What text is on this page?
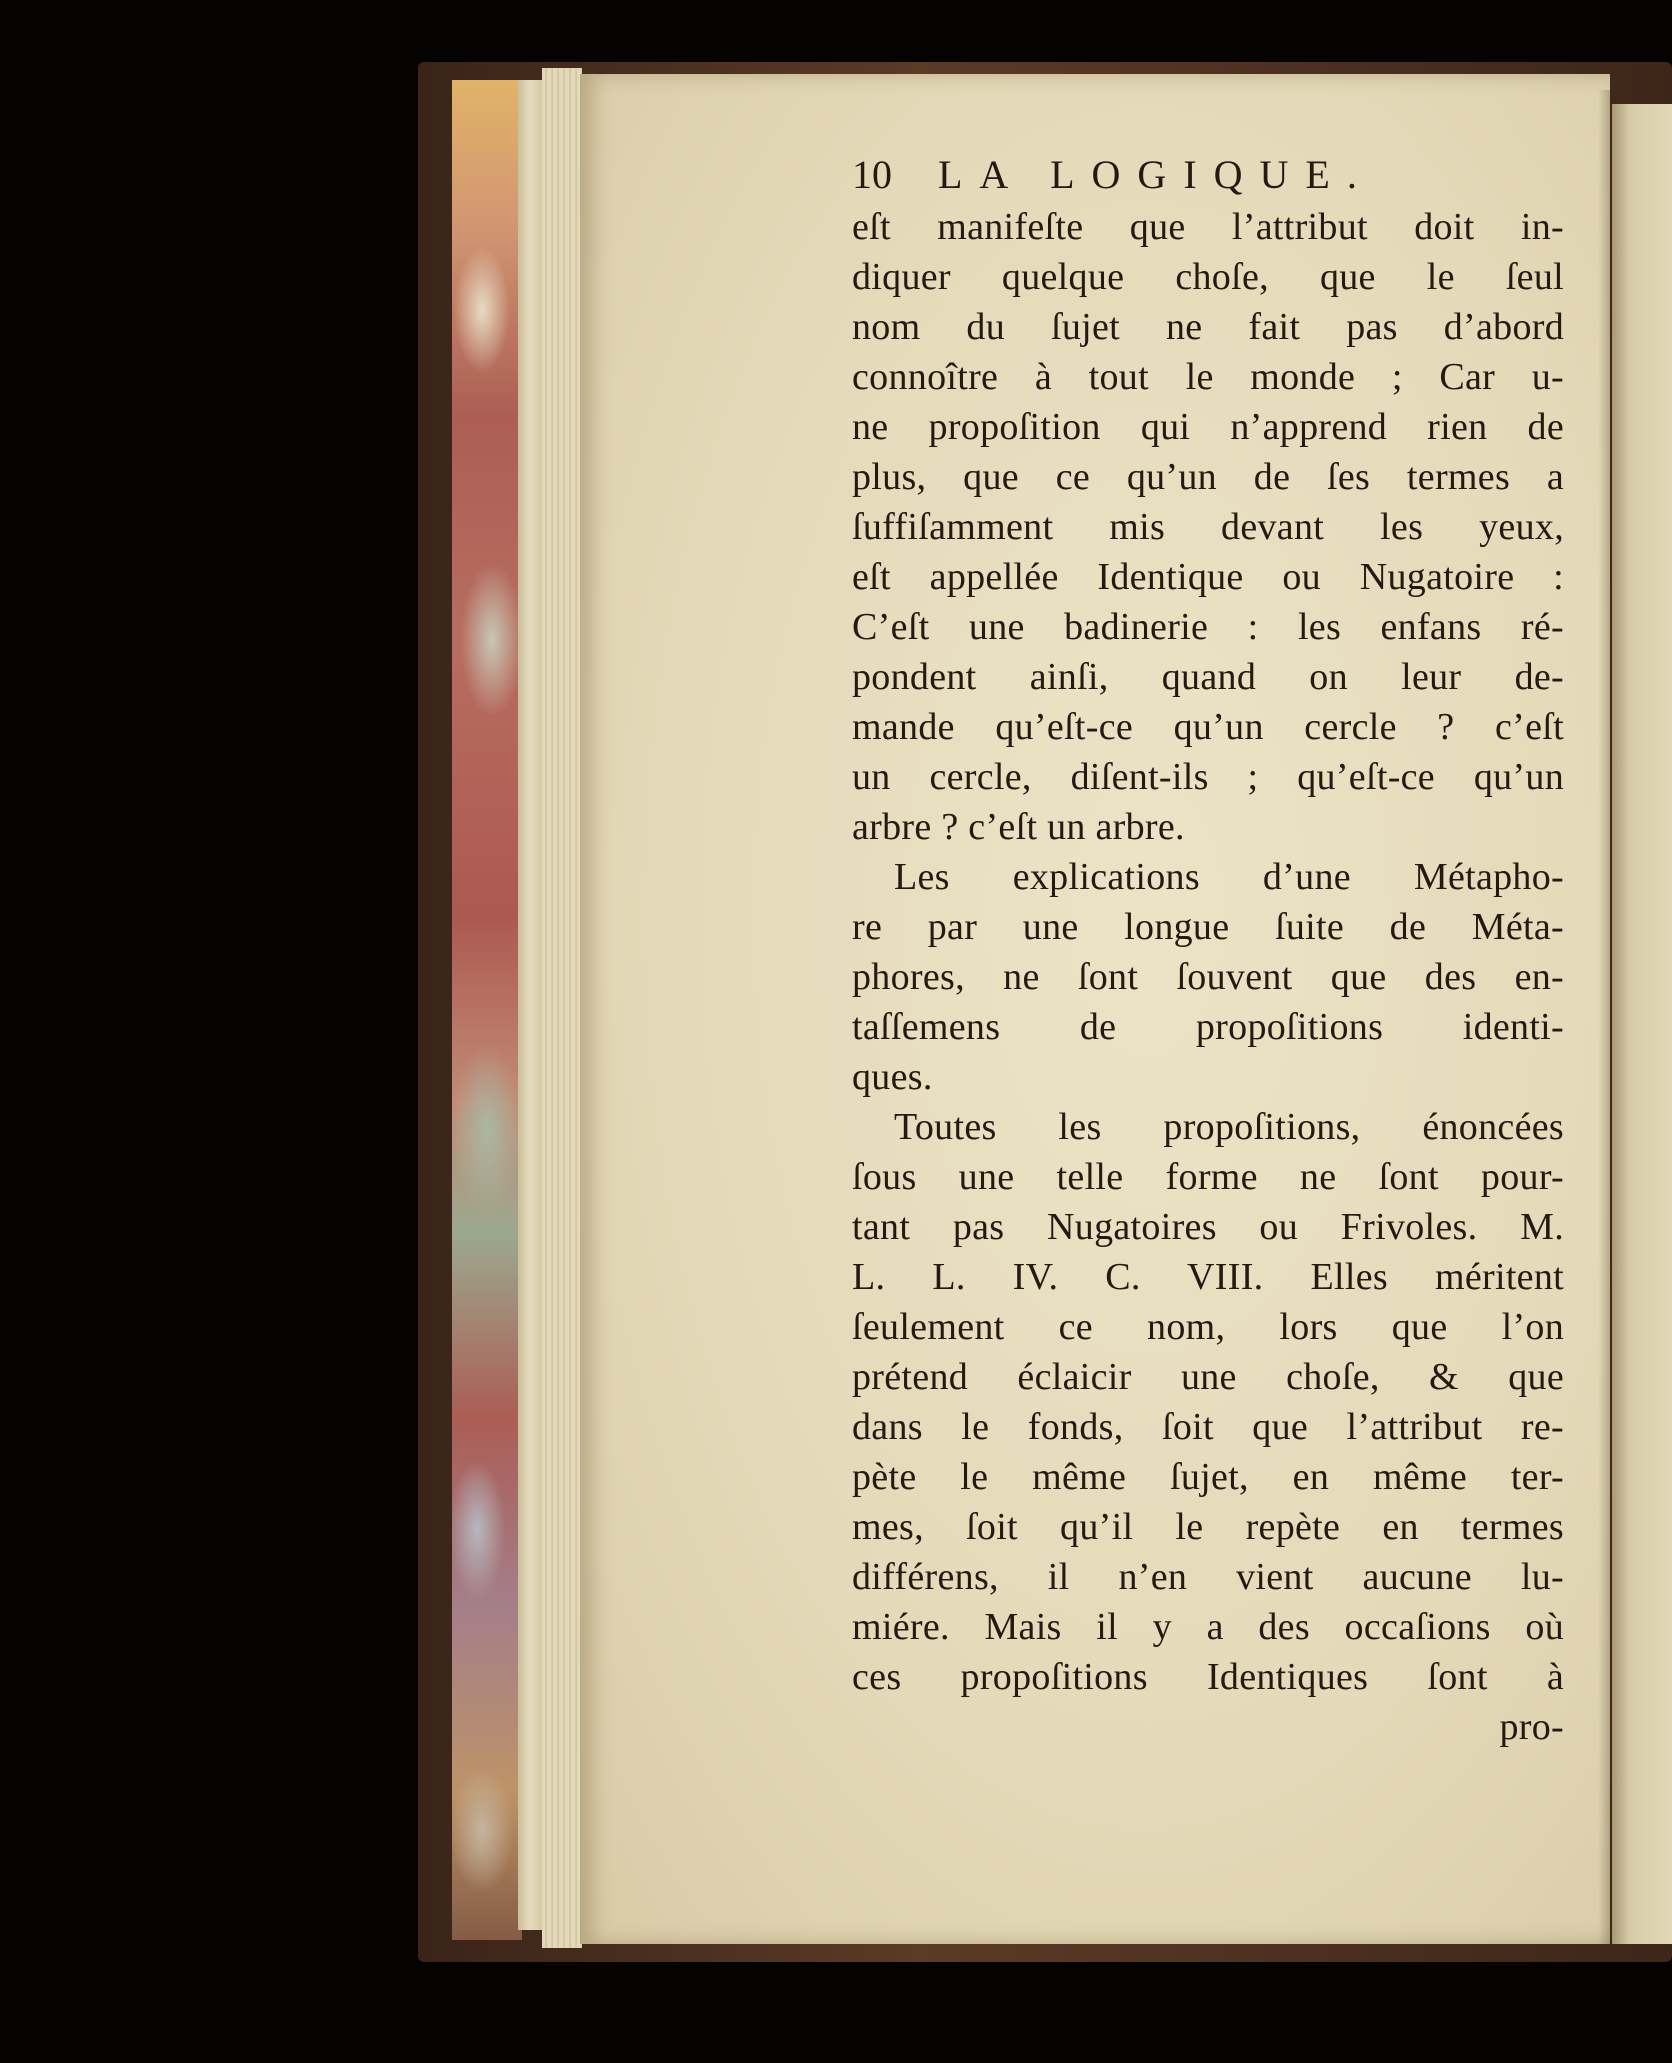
10	LA LOGIQUE.
eſt manifeſte que l’attribut doit in-
diquer quelque choſe, que le ſeul
nom du ſujet ne fait pas d’abord
connoître à tout le monde ; Car u-
ne propoſition qui n’apprend rien de
plus, que ce qu’un de ſes termes a
ſuffiſamment mis devant les yeux,
eſt appellée Identique ou Nugatoire :
C’eſt une badinerie : les enfans ré-
pondent ainſi, quand on leur de-
mande qu’eſt-ce qu’un cercle ? c’eſt
un cercle, diſent-ils ; qu’eſt-ce qu’un
arbre ? c’eſt un arbre.
Les explications d’une Métapho-
re par une longue ſuite de Méta-
phores, ne ſont ſouvent que des en-
taſſemens de propoſitions identi-
ques.
Toutes les propoſitions, énoncées
ſous une telle forme ne ſont pour-
tant pas Nugatoires ou Frivoles. M.
L. L. IV. C. VIII. Elles méritent
ſeulement ce nom, lors que l’on
prétend éclaicir une choſe, & que
dans le fonds, ſoit que l’attribut re-
pète le même ſujet, en même ter-
mes, ſoit qu’il le repète en termes
différens, il n’en vient aucune lu-
miére. Mais il y a des occaſions où
ces propoſitions Identiques ſont à
pro-
